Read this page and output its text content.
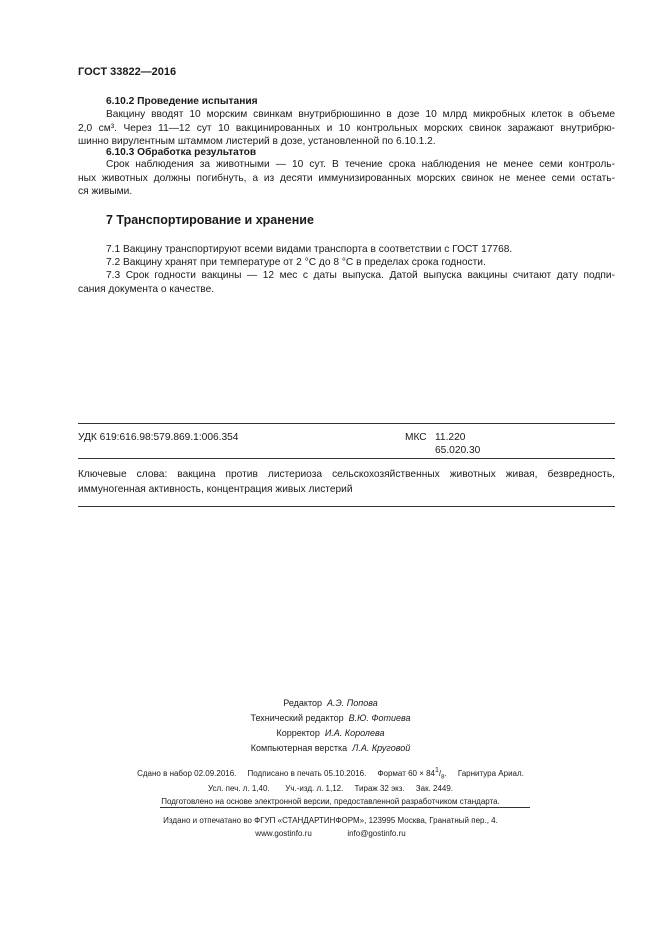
ГОСТ 33822—2016
6.10.2 Проведение испытания
Вакцину вводят 10 морским свинкам внутрибрюшинно в дозе 10 млрд микробных клеток в объеме
2,0 см³. Через 11—12 сут 10 вакцинированных и 10 контрольных морских свинок заражают внутрибрю-
шинно вирулентным штаммом листерий в дозе, установленной по 6.10.1.2.
6.10.3 Обработка результатов
Срок наблюдения за животными — 10 сут. В течение срока наблюдения не менее семи контроль-
ных животных должны погибнуть, а из десяти иммунизированных морских свинок не менее семи остать-
ся живыми.
7 Транспортирование и хранение
7.1 Вакцину транспортируют всеми видами транспорта в соответствии с ГОСТ 17768.
7.2 Вакцину хранят при температуре от 2 °С до 8 °С в пределах срока годности.
7.3 Срок годности вакцины — 12 мес с даты выпуска. Датой выпуска вакцины считают дату подпи-
сания документа о качестве.
УДК 619:616.98:579.869.1:006.354	МКС 11.220
65.020.30
Ключевые слова: вакцина против листериоза сельскохозяйственных животных живая, безвредность,
иммуногенная активность, концентрация живых листерий
Редактор А.Э. Попова
Технический редактор В.Ю. Фотиева
Корректор И.А. Королева
Компьютерная верстка Л.А. Круговой
Сдано в набор 02.09.2016. Подписано в печать 05.10.2016. Формат $60 \times 84^1/_8$. Гарнитура Ариал.
Усл. печ. л. 1,40. Уч.-изд. л. 1,12. Тираж 32 экз. Зак. 2449.
Подготовлено на основе электронной версии, предоставленной разработчиком стандарта.
Издано и отпечатано во ФГУП «СТАНДАРТИНФОРМ», 123995 Москва, Гранатный пер., 4.
www.gostinfo.ru	info@gostinfo.ru
